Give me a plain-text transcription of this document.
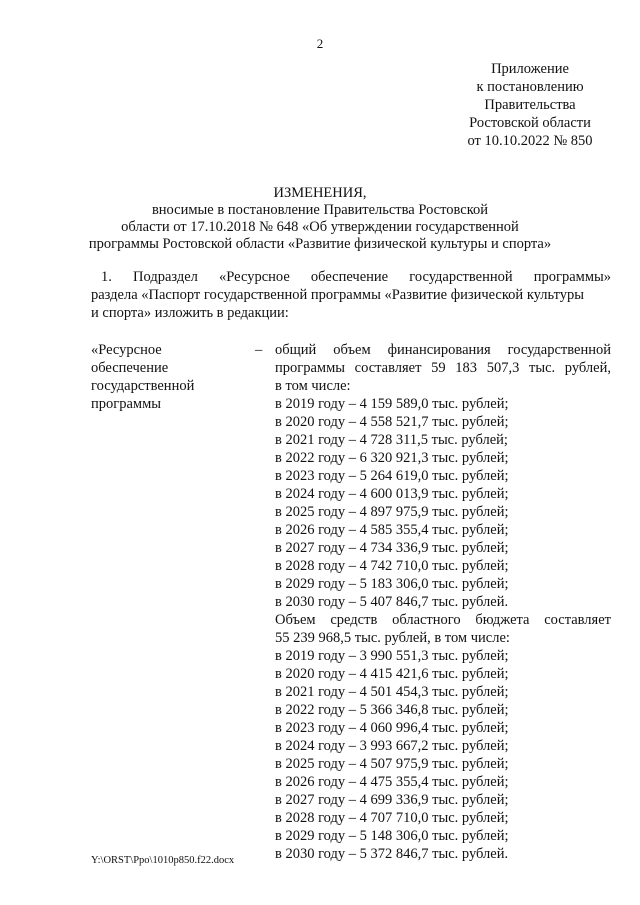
2
Приложение
к постановлению
Правительства
Ростовской области
от 10.10.2022 № 850
ИЗМЕНЕНИЯ,
вносимые в постановление Правительства Ростовской
области от 17.10.2018 № 648 «Об утверждении государственной
программы Ростовской области «Развитие физической культуры и спорта»
1. Подраздел «Ресурсное обеспечение государственной программы»
раздела «Паспорт государственной программы «Развитие физической культуры
и спорта» изложить в редакции:
«Ресурсное
обеспечение
государственной
программы
– общий объем финансирования государственной
программы составляет 59 183 507,3 тыс. рублей,
в том числе:
в 2019 году – 4 159 589,0 тыс. рублей;
в 2020 году – 4 558 521,7 тыс. рублей;
в 2021 году – 4 728 311,5 тыс. рублей;
в 2022 году – 6 320 921,3 тыс. рублей;
в 2023 году – 5 264 619,0 тыс. рублей;
в 2024 году – 4 600 013,9 тыс. рублей;
в 2025 году – 4 897 975,9 тыс. рублей;
в 2026 году – 4 585 355,4 тыс. рублей;
в 2027 году – 4 734 336,9 тыс. рублей;
в 2028 году – 4 742 710,0 тыс. рублей;
в 2029 году – 5 183 306,0 тыс. рублей;
в 2030 году – 5 407 846,7 тыс. рублей.
Объем средств областного бюджета составляет
55 239 968,5 тыс. рублей, в том числе:
в 2019 году – 3 990 551,3 тыс. рублей;
в 2020 году – 4 415 421,6 тыс. рублей;
в 2021 году – 4 501 454,3 тыс. рублей;
в 2022 году – 5 366 346,8 тыс. рублей;
в 2023 году – 4 060 996,4 тыс. рублей;
в 2024 году – 3 993 667,2 тыс. рублей;
в 2025 году – 4 507 975,9 тыс. рублей;
в 2026 году – 4 475 355,4 тыс. рублей;
в 2027 году – 4 699 336,9 тыс. рублей;
в 2028 году – 4 707 710,0 тыс. рублей;
в 2029 году – 5 148 306,0 тыс. рублей;
в 2030 году – 5 372 846,7 тыс. рублей.
Y:\ORST\Ppo\1010p850.f22.docx
